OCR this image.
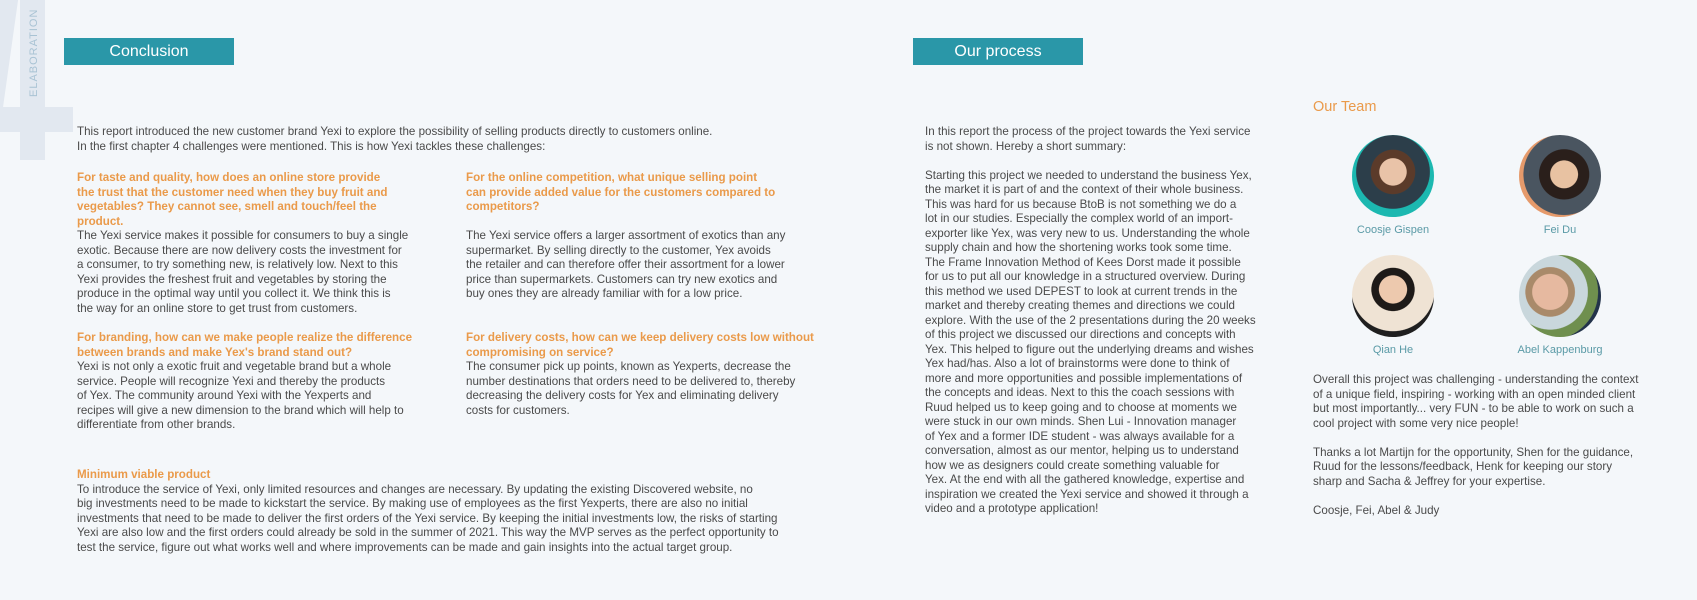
ELABORATION	Conclusion
This report introduced the new customer brand Yexi to explore the possibility of selling products directly to customers online.
In the first chapter 4 challenges were mentioned. This is how Yexi tackles these challenges:
For taste and quality, how does an online store provide
the trust that the customer need when they buy fruit and
vegetables? They cannot see, smell and touch/feel the
product.
The Yexi service makes it possible for consumers to buy a single
exotic. Because there are now delivery costs the investment for
a consumer, to try something new, is relatively low. Next to this
Yexi provides the freshest fruit and vegetables by storing the
produce in the optimal way until you collect it. We think this is
the way for an online store to get trust from customers.
For the online competition, what unique selling point
can provide added value for the customers compared to
competitors?
The Yexi service offers a larger assortment of exotics than any
supermarket. By selling directly to the customer, Yex avoids
the retailer and can therefore offer their assortment for a lower
price than supermarkets. Customers can try new exotics and
buy ones they are already familiar with for a low price.
For branding, how can we make people realize the difference
between brands and make Yex's brand stand out?
Yexi is not only a exotic fruit and vegetable brand but a whole
service. People will recognize Yexi and thereby the products
of Yex. The community around Yexi with the Yexperts and
recipes will give a new dimension to the brand which will help to
differentiate from other brands.
For delivery costs, how can we keep delivery costs low without
compromising on service?
The consumer pick up points, known as Yexperts, decrease the
number destinations that orders need to be delivered to, thereby
decreasing the delivery costs for Yex and eliminating delivery
costs for customers.
Minimum viable product
To introduce the service of Yexi, only limited resources and changes are necessary. By updating the existing Discovered website, no
big investments need to be made to kickstart the service. By making use of employees as the first Yexperts, there are also no initial
investments that need to be made to deliver the first orders of the Yexi service. By keeping the initial investments low, the risks of starting
Yexi are also low and the first orders could already be sold in the summer of 2021. This way the MVP serves as the perfect opportunity to
test the service, figure out what works well and where improvements can be made and gain insights into the actual target group.
Our process
In this report the process of the project towards the Yexi service
is not shown. Hereby a short summary:
Starting this project we needed to understand the business Yex,
the market it is part of and the context of their whole business.
This was hard for us because BtoB is not something we do a
lot in our studies. Especially the complex world of an import-
exporter like Yex, was very new to us. Understanding the whole
supply chain and how the shortening works took some time.
The Frame Innovation Method of Kees Dorst made it possible
for us to put all our knowledge in a structured overview. During
this method we used DEPEST to look at current trends in the
market and thereby creating themes and directions we could
explore. With the use of the 2 presentations during the 20 weeks
of this project we discussed our directions and concepts with
Yex. This helped to figure out the underlying dreams and wishes
Yex had/has. Also a lot of brainstorms were done to think of
more and more opportunities and possible implementations of
the concepts and ideas. Next to this the coach sessions with
Ruud helped us to keep going and to choose at moments we
were stuck in our own minds. Shen Lui - Innovation manager
of Yex and a former IDE student - was always available for a
conversation, almost as our mentor, helping us to understand
how we as designers could create something valuable for
Yex. At the end with all the gathered knowledge, expertise and
inspiration we created the Yexi service and showed it through a
video and a prototype application!
Our Team
Coosje Gispen	Fei Du
Qian He	Abel Kappenburg
Overall this project was challenging - understanding the context
of a unique field, inspiring - working with an open minded client
but most importantly... very FUN - to be able to work on such a
cool project with some very nice people!
Thanks a lot Martijn for the opportunity, Shen for the guidance,
Ruud for the lessons/feedback, Henk for keeping our story
sharp and Sacha & Jeffrey for your expertise.
Coosje, Fei, Abel & Judy
